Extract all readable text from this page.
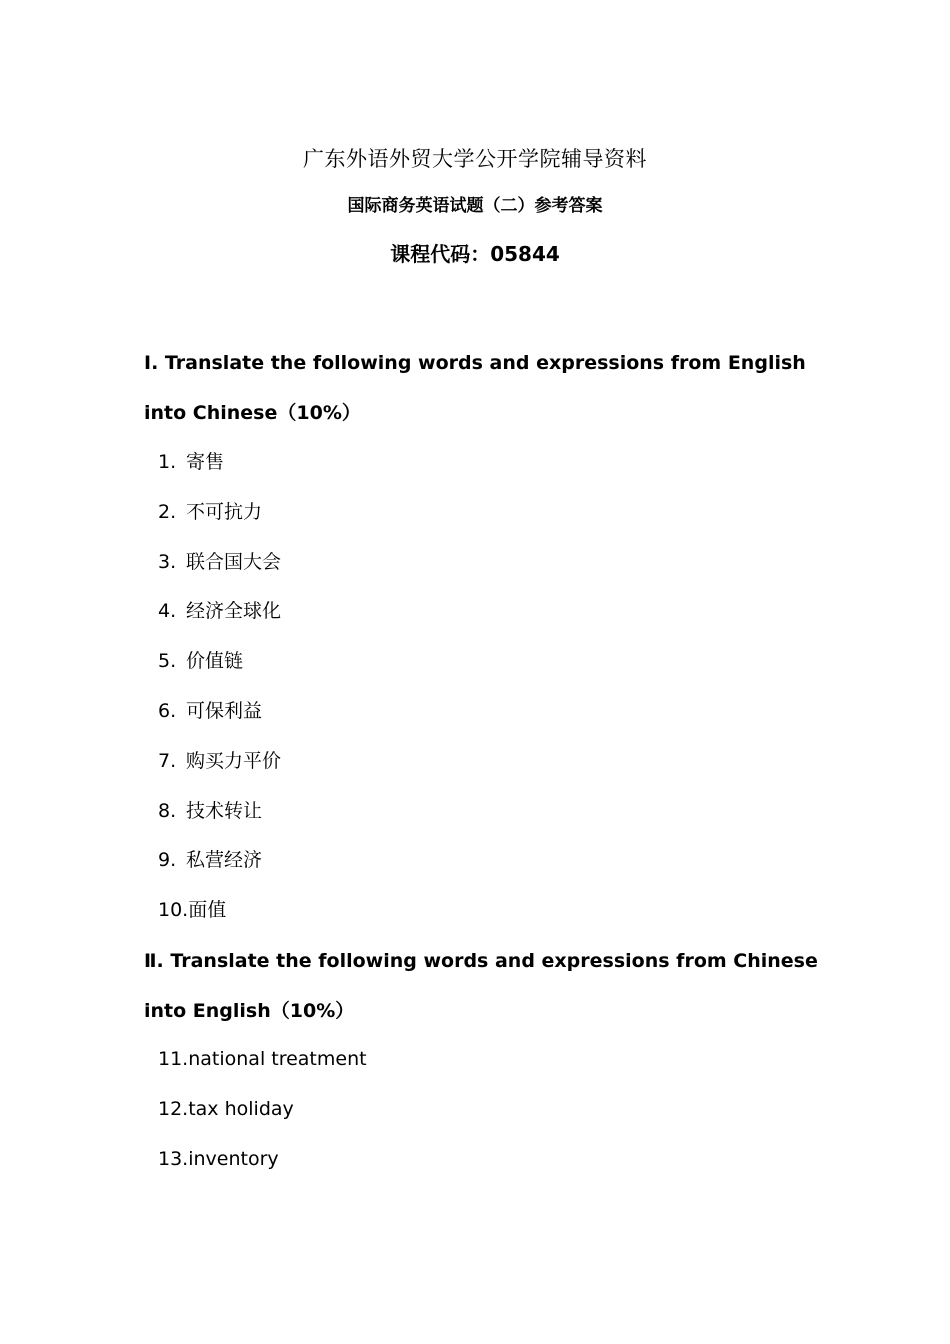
广东外语外贸大学公开学院辅导资料
国际商务英语试题（二）参考答案
课程代码：05844
Ⅰ. Translate the following words and expressions from English into Chinese（10%）
1. 寄售
2. 不可抗力
3. 联合国大会
4. 经济全球化
5. 价值链
6. 可保利益
7. 购买力平价
8. 技术转让
9. 私营经济
10.面值
Ⅱ. Translate the following words and expressions from Chinese into English（10%）
11.national treatment
12.tax holiday
13.inventory
